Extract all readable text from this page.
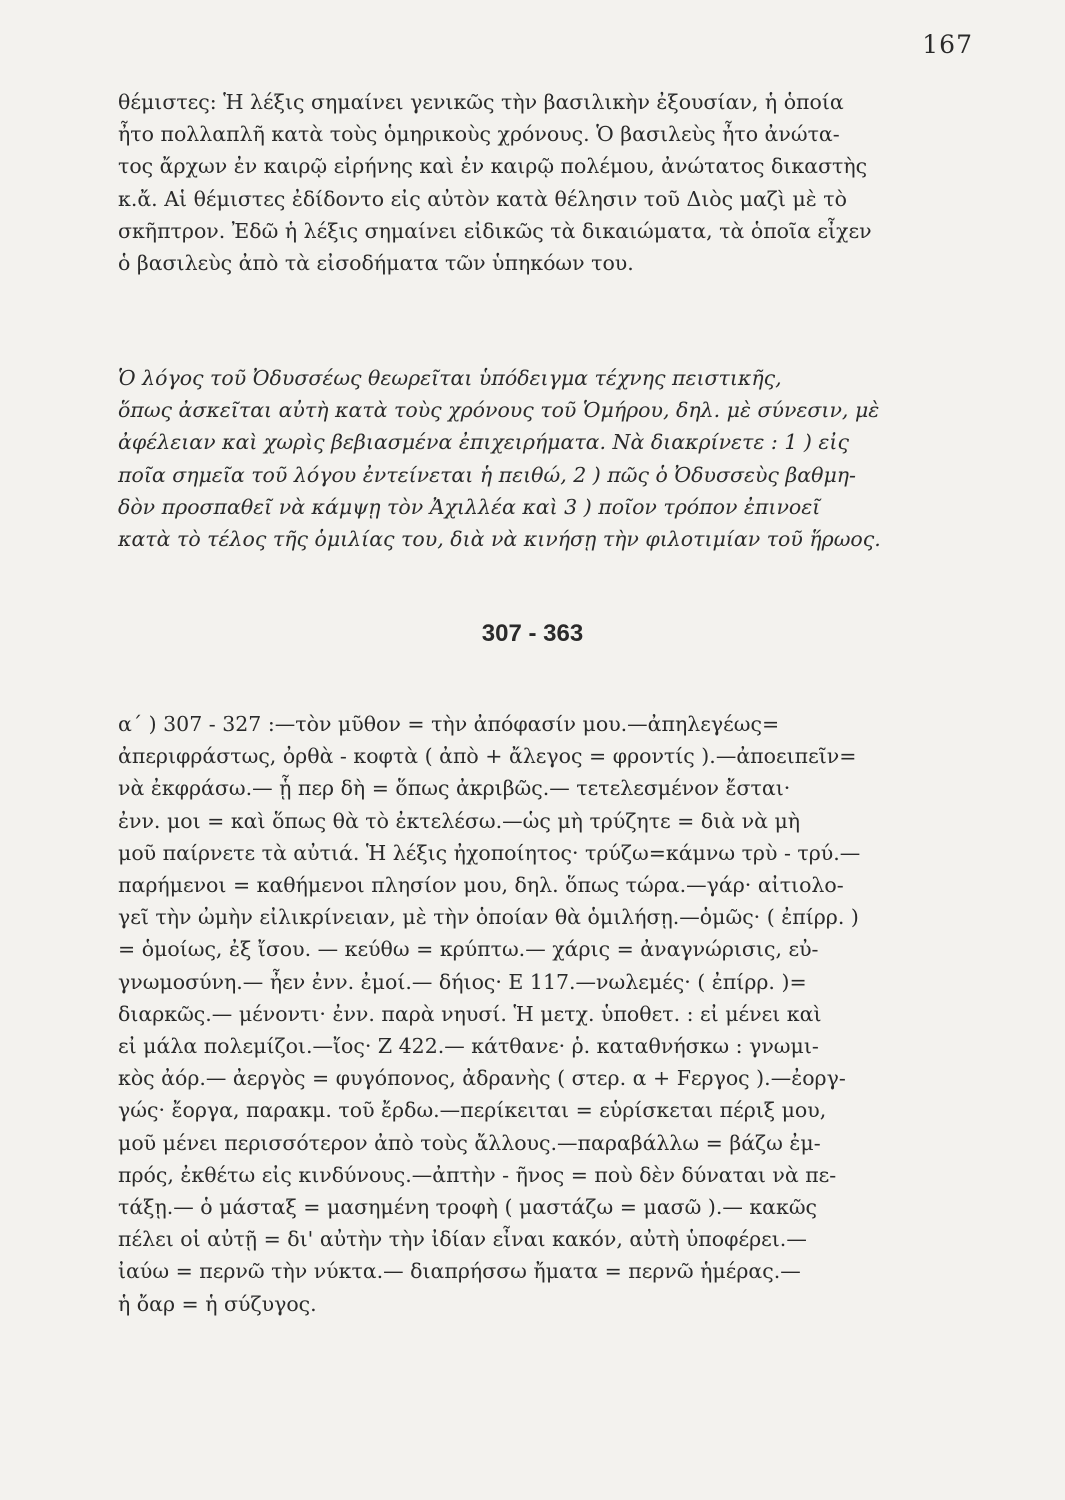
167
θέμιστες: Ἡ λέξις σημαίνει γενικῶς τὴν βασιλικὴν ἐξουσίαν, ἡ ὁποία
ἦτο πολλαπλῆ κατὰ τοὺς ὁμηρικοὺς χρόνους. Ὁ βασιλεὺς ἦτο ἀνώτα-
τος ἄρχων ἐν καιρῷ εἰρήνης καὶ ἐν καιρῷ πολέμου, ἀνώτατος δικαστὴς
κ.ἄ. Αἱ θέμιστες ἐδίδοντο εἰς αὐτὸν κατὰ θέλησιν τοῦ Διὸς μαζὶ μὲ τὸ
σκῆπτρον. Ἐδῶ ἡ λέξις σημαίνει εἰδικῶς τὰ δικαιώματα, τὰ ὁποῖα εἶχεν
ὁ βασιλεὺς ἀπὸ τὰ εἰσοδήματα τῶν ὑπηκόων του.
Ὁ λόγος τοῦ Ὀδυσσέως θεωρεῖται ὑπόδειγμα τέχνης πειστικῆς,
ὅπως ἀσκεῖται αὐτὴ κατὰ τοὺς χρόνους τοῦ Ὁμήρου, δηλ. μὲ σύνεσιν, μὲ
ἀφέλειαν καὶ χωρὶς βεβιασμένα ἐπιχειρήματα. Νὰ διακρίνετε : 1 ) εἰς
ποῖα σημεῖα τοῦ λόγου ἐντείνεται ἡ πειθώ, 2 ) πῶς ὁ Ὀδυσσεὺς βαθμη-
δὸν προσπαθεῖ νὰ κάμψῃ τὸν Ἀχιλλέα καὶ 3 ) ποῖον τρόπον ἐπινοεῖ
κατὰ τὸ τέλος τῆς ὁμιλίας του, διὰ νὰ κινήσῃ τὴν φιλοτιμίαν τοῦ ἥρωος.
307 - 363
α΄ ) 307 - 327 :—τὸν μῦθον = τὴν ἀπόφασίν μου.—ἀπηλεγέως=
ἀπεριφράστως, ὀρθὰ - κοφτὰ ( ἀπὸ + ἄλεγος = φροντίς ).—ἀποειπεῖν=
νὰ ἐκφράσω.— ᾗ περ δὴ = ὅπως ἀκριβῶς.— τετελεσμένον ἔσται·
ἐνν. μοι = καὶ ὅπως θὰ τὸ ἐκτελέσω.—ὡς μὴ τρύζητε = διὰ νὰ μὴ
μοῦ παίρνετε τὰ αὐτιά. Ἡ λέξις ἠχοποίητος· τρύζω=κάμνω τρὺ - τρύ.—
παρήμενοι = καθήμενοι πλησίον μου, δηλ. ὅπως τώρα.—γάρ· αἰτιολο-
γεῖ τὴν ὠμὴν εἰλικρίνειαν, μὲ τὴν ὁποίαν θὰ ὁμιλήσῃ.—ὁμῶς· ( ἐπίρρ. )
= ὁμοίως, ἐξ ἴσου. — κεύθω = κρύπτω.— χάρις = ἀναγνώρισις, εὐ-
γνωμοσύνη.— ἦεν ἐνν. ἐμοί.— δήιος· Ε 117.—νωλεμές· ( ἐπίρρ. )=
διαρκῶς.— μένοντι· ἐνν. παρὰ νηυσί. Ἡ μετχ. ὑποθετ. : εἰ μένει καὶ
εἰ μάλα πολεμίζοι.—ἴος· Ζ 422.— κάτθανε· ῥ. καταθνήσκω : γνωμι-
κὸς ἀόρ.— ἀεργὸς = φυγόπονος, ἀδρανὴς ( στερ. α + Fεργος ).—ἐοργ-
γώς· ἔοργα, παρακμ. τοῦ ἔρδω.—περίκειται = εὑρίσκεται πέριξ μου,
μοῦ μένει περισσότερον ἀπὸ τοὺς ἄλλους.—παραβάλλω = βάζω ἐμ-
πρός, ἐκθέτω εἰς κινδύνους.—ἀπτὴν - ῆνος = ποὺ δὲν δύναται νὰ πε-
τάξῃ.— ὁ μάσταξ = μασημένη τροφὴ ( μαστάζω = μασῶ ).— κακῶς
πέλει οἱ αὐτῇ = δι' αὐτὴν τὴν ἰδίαν εἶναι κακόν, αὐτὴ ὑποφέρει.—
ἰαύω = περνῶ τὴν νύκτα.— διαπρήσσω ἤματα = περνῶ ἡμέρας.—
ἡ ὄαρ = ἡ σύζυγος.
